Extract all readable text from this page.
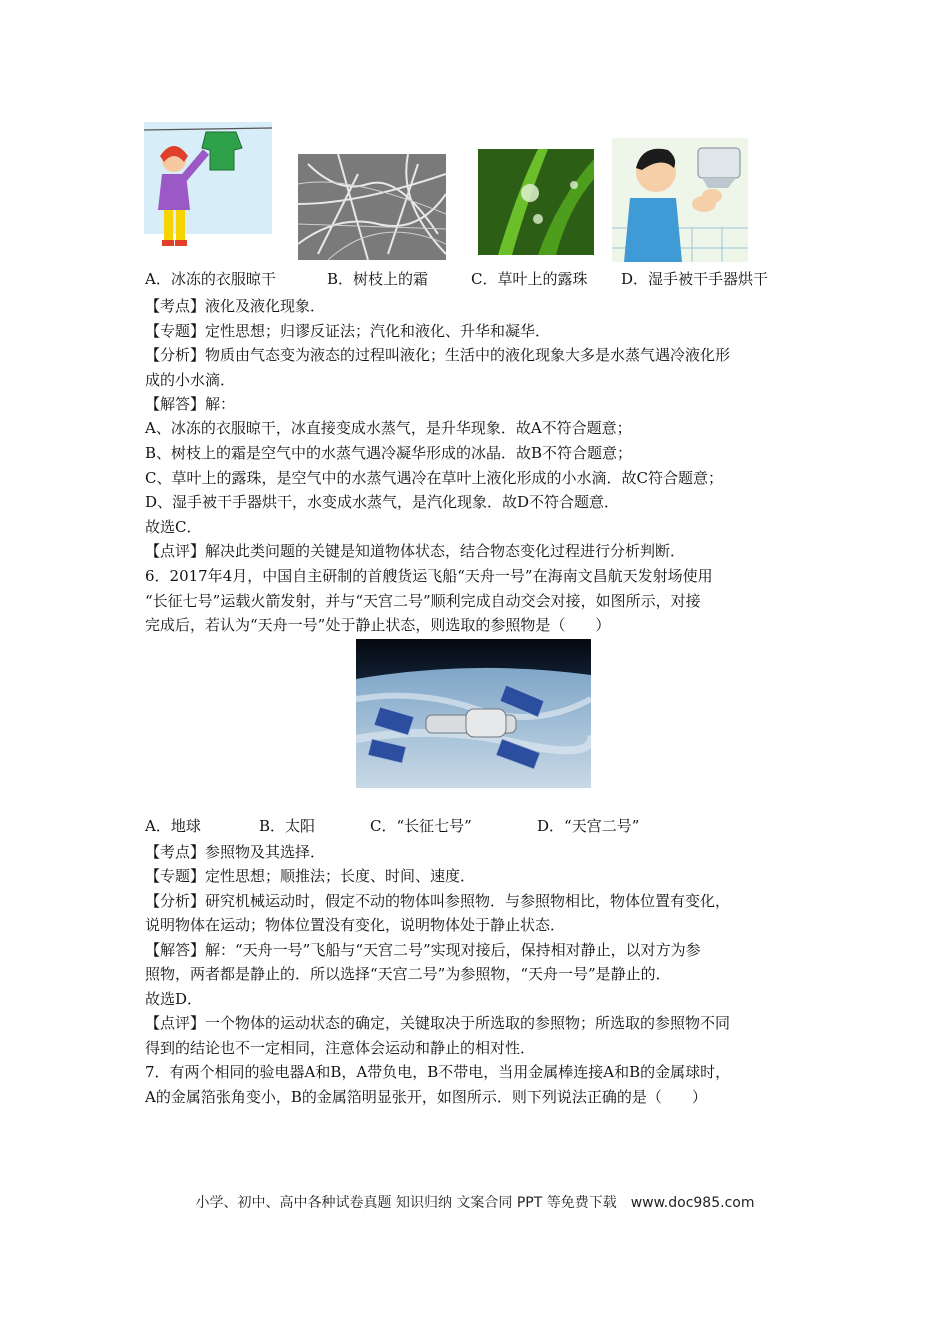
A．冰冻的衣服晾干	B．树枝上的霜	C．草叶上的露珠 D．湿手被干手器烘干
【考点】液化及液化现象．
【专题】定性思想；归谬反证法；汽化和液化、升华和凝华．
【分析】物质由气态变为液态的过程叫液化；生活中的液化现象大多是水蒸气遇冷液化形
成的小水滴．
【解答】解：
A、冰冻的衣服晾干，冰直接变成水蒸气，是升华现象．故A不符合题意；
B、树枝上的霜是空气中的水蒸气遇冷凝华形成的冰晶．故B不符合题意；
C、草叶上的露珠，是空气中的水蒸气遇冷在草叶上液化形成的小水滴．故C符合题意；
D、湿手被干手器烘干，水变成水蒸气，是汽化现象．故D不符合题意．
故选C．
【点评】解决此类问题的关键是知道物体状态，结合物态变化过程进行分析判断．
6．2017年4月，中国自主研制的首艘货运飞船“天舟一号”在海南文昌航天发射场使用
“长征七号”运载火箭发射，并与“天宫二号”顺利完成自动交会对接，如图所示，对接
完成后，若认为“天舟一号”处于静止状态，则选取的参照物是（　　）
A．地球	B．太阳	C．“长征七号”	D．“天宫二号”
【考点】参照物及其选择．
【专题】定性思想；顺推法；长度、时间、速度．
【分析】研究机械运动时，假定不动的物体叫参照物．与参照物相比，物体位置有变化，
说明物体在运动；物体位置没有变化，说明物体处于静止状态．
【解答】解：“天舟一号”飞船与“天宫二号”实现对接后，保持相对静止，以对方为参
照物，两者都是静止的．所以选择“天宫二号”为参照物，“天舟一号”是静止的．
故选D．
【点评】一个物体的运动状态的确定，关键取决于所选取的参照物；所选取的参照物不同
得到的结论也不一定相同，注意体会运动和静止的相对性．
7．有两个相同的验电器A和B，A带负电，B不带电，当用金属棒连接A和B的金属球时，
A的金属箔张角变小，B的金属箔明显张开，如图所示．则下列说法正确的是（　　）
小学、初中、高中各种试卷真题 知识归纳 文案合同 PPT 等免费下载　www.doc985.com
